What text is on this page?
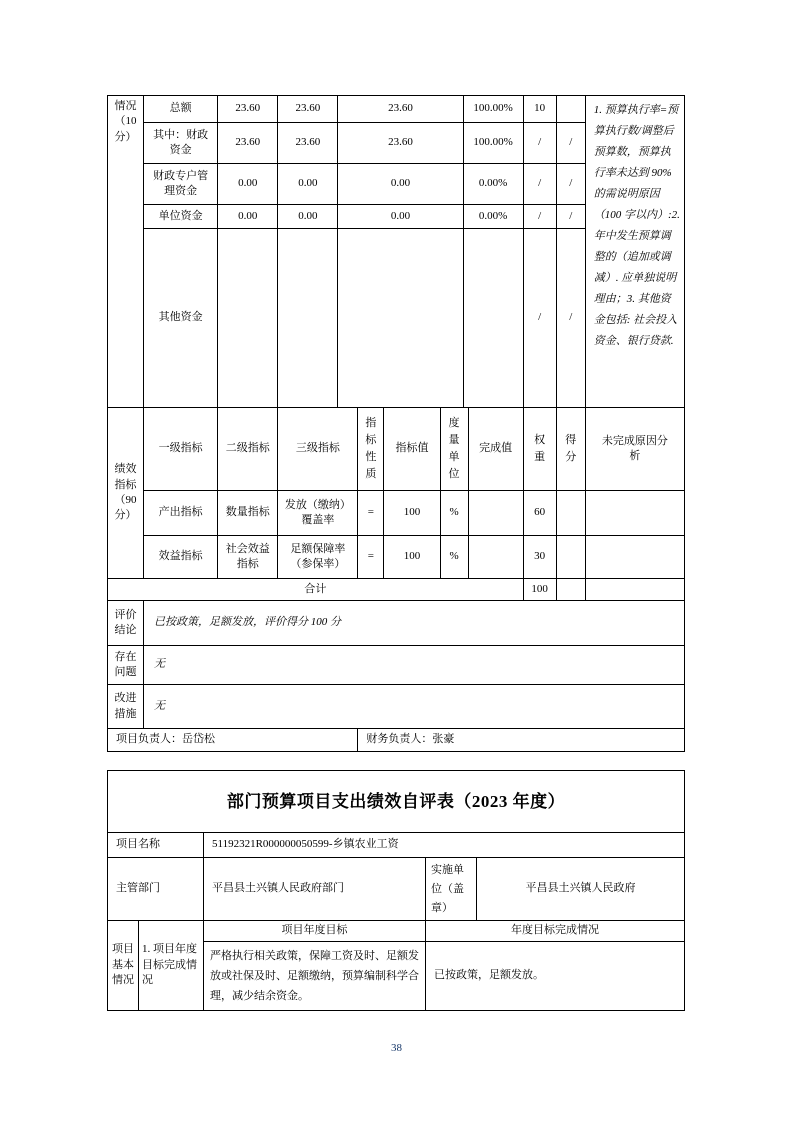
情况（10分）	总额	23.60	23.60	23.60				100.00%		10		1. 预算执行率=预算执行数/调整后预算数，预算执行率未达到 90%的需说明原因（100 字以内）:2. 年中发生预算调整的（追加或调减）. 应单独说明理由；3. 其他资金包括: 社会投入资金、银行贷款.
	其中：财政资金	23.60	23.60	23.60				100.00%		/	/	
	财政专户管理资金	0.00	0.00	0.00				0.00%		/	/	
	单位资金	0.00	0.00	0.00				0.00%		/	/	
	其他资金									/	/	
绩效指标（90分）	一级指标	二级指标	三级指标		指标性质	指标值	度量单位		完成值	权重	得分	未完成原因分析
	产出指标	数量指标	发放（缴纳）覆盖率		=	100	%			60		
	效益指标	社会效益指标	足额保障率（参保率）		=	100	%			30		
合计										100		
评价结论	已按政策，足额发放，评价得分 100 分											
存在问题	无											
改进措施	无											
项目负责人：岳岱松					财务负责人：张豪							
部门预算项目支出绩效自评表（2023 年度）				
项目名称		51192321R000000050599-乡镇农业工资		
主管部门		平昌县土兴镇人民政府部门	实施单位（盖章）	平昌县土兴镇人民政府
项目基本情况	1. 项目年度目标完成情况	项目年度目标	年度目标完成情况	
		严格执行相关政策，保障工资及时、足额发放或社保及时、足额缴纳，预算编制科学合理，减少结余资金。	已按政策，足额发放。	
38
